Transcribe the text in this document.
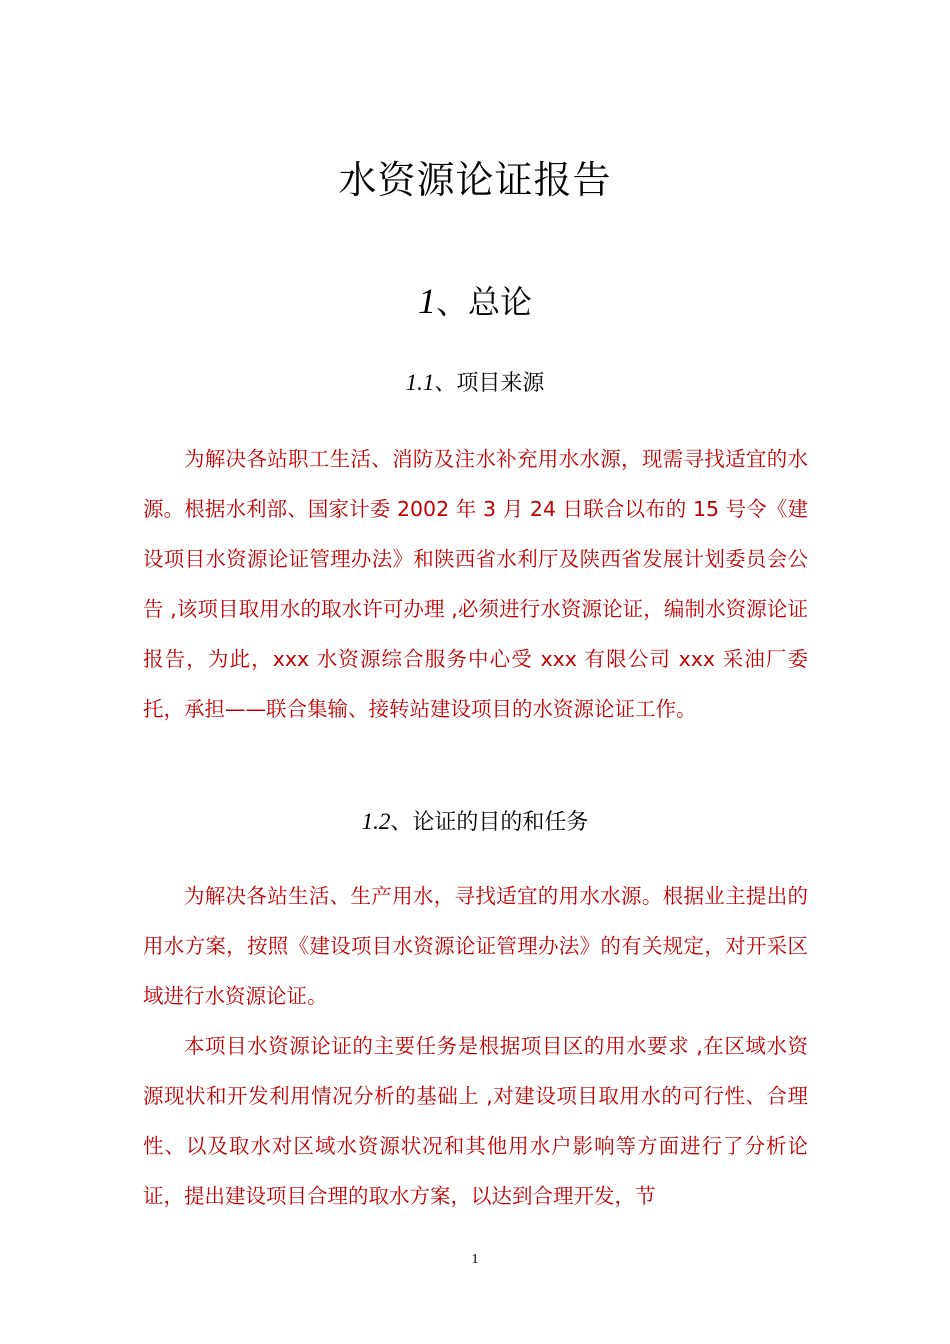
水资源论证报告
1、总论
1.1、项目来源

为解决各站职工生活、消防及注水补充用水水源，现需寻找适宜的水源。根据水利部、国家计委 2002 年 3 月 24 日联合以布的 15 号令《建设项目水资源论证管理办法》和陕西省水利厅及陕西省发展计划委员会公告 ,该项目取用水的取水许可办理 ,必须进行水资源论证，编制水资源论证报告，为此，xxx 水资源综合服务中心受 xxx 有限公司 xxx 采油厂委托，承担——联合集输、接转站建设项目的水资源论证工作。

1.2、论证的目的和任务

为解决各站生活、生产用水，寻找适宜的用水水源。根据业主提出的用水方案，按照《建设项目水资源论证管理办法》的有关规定，对开采区域进行水资源论证。

本项目水资源论证的主要任务是根据项目区的用水要求 ,在区域水资源现状和开发利用情况分析的基础上 ,对建设项目取用水的可行性、合理性、以及取水对区域水资源状况和其他用水户影响等方面进行了分析论证，提出建设项目合理的取水方案，以达到合理开发，节

1
